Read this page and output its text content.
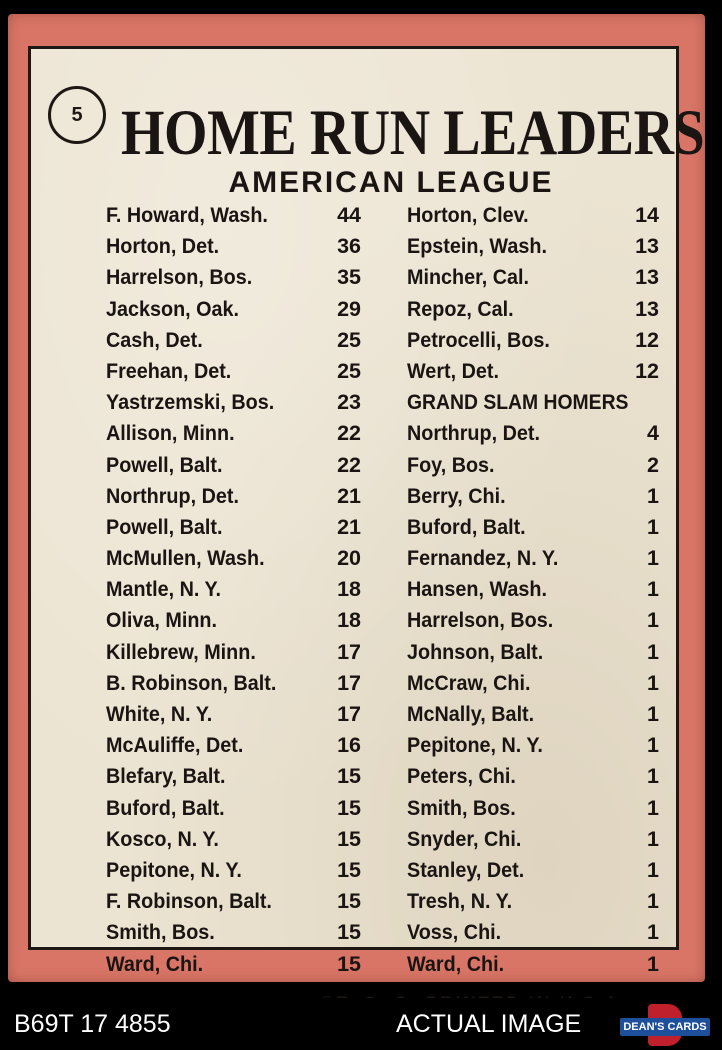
5 HOME RUN LEADERS
AMERICAN LEAGUE
F. Howard, Wash.	44
Horton, Det.	36
Harrelson, Bos.	35
Jackson, Oak.	29
Cash, Det.	25
Freehan, Det.	25
Yastrzemski, Bos.	23
Allison, Minn.	22
Powell, Balt.	22
Northrup, Det.	21
Powell, Balt.	21
McMullen, Wash.	20
Mantle, N. Y.	18
Oliva, Minn.	18
Killebrew, Minn.	17
B. Robinson, Balt.	17
White, N. Y.	17
McAuliffe, Det.	16
Blefary, Balt.	15
Buford, Balt.	15
Kosco, N. Y.	15
Pepitone, N. Y.	15
F. Robinson, Balt.	15
Smith, Bos.	15
Ward, Chi.	15
Horton, Clev.	14
Epstein, Wash.	13
Mincher, Cal.	13
Repoz, Cal.	13
Petrocelli, Bos.	12
Wert, Det.	12
GRAND SLAM HOMERS
Northrup, Det.	4
Foy, Bos.	2
Berry, Chi.	1
Buford, Balt.	1
Fernandez, N. Y.	1
Hansen, Wash.	1
Harrelson, Bos.	1
Johnson, Balt.	1
McCraw, Chi.	1
McNally, Balt.	1
Pepitone, N. Y.	1
Peters, Chi.	1
Smith, Bos.	1
Snyder, Chi.	1
Stanley, Det.	1
Tresh, N. Y.	1
Voss, Chi.	1
Ward, Chi.	1
B69T 17 4855	ACTUAL IMAGE	DEAN'S CARDS
